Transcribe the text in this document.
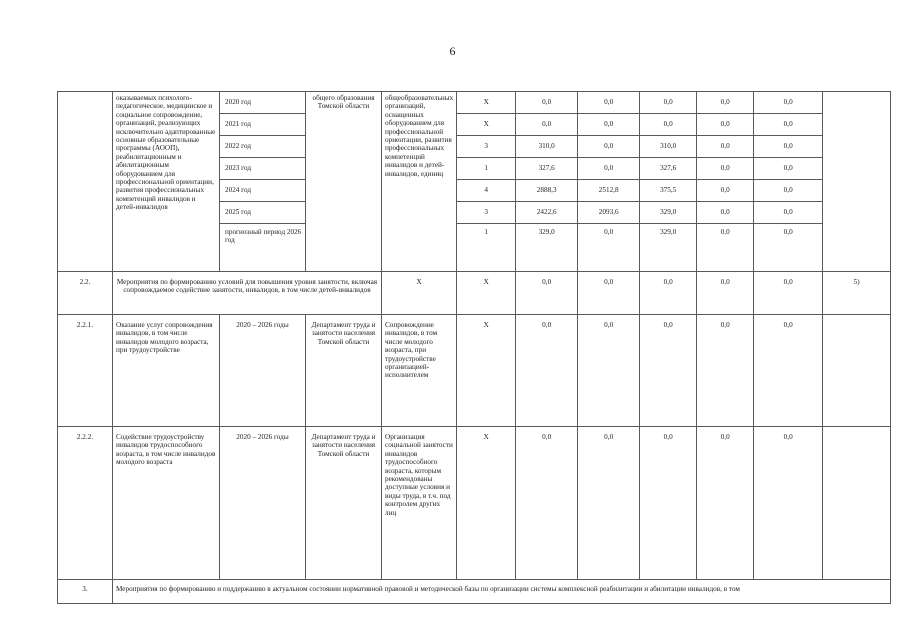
6
	оказываемых психолого-педагогическое, медицинское и социальное сопровождение, организаций, реализующих исключительно адаптированные основные образовательные программы (АООП), реабилитационным и абилитационным оборудованием для профессиональной ориентации, развития профессиональных компетенций инвалидов и детей-инвалидов	2020 год	общего образования Томской области	общеобразовательных организаций, оснащенных оборудованием для профессиональной ориентации, развития профессиональных компетенций инвалидов и детей-инвалидов, единиц	X	0,0	0,0	0,0	0,0	0,0	
		2021 год			X	0,0	0,0	0,0	0,0	0,0	
		2022 год			3	310,0	0,0	310,0	0,0	0,0	
		2023 год			1	327,6	0,0	327,6	0,0	0,0	
		2024 год			4	2888,3	2512,8	375,5	0,0	0,0	
		2025 год			3	2422,6	2093,6	329,0	0,0	0,0	
		прогнозный период 2026 год			1	329,0	0,0	329,0	0,0	0,0	
2.2.	Мероприятия по формированию условий для повышения уровня занятости, включая сопровождаемое содействие занятости, инвалидов, в том числе детей-инвалидов			X	X	0,0	0,0	0,0	0,0	0,0	5)
2.2.1.	Оказание услуг сопровождения инвалидов, в том числе инвалидов молодого возраста, при трудоустройстве	2020 – 2026 годы	Департамент труда и занятости населения Томской области	Сопровождение инвалидов, в том числе молодого возраста, при трудоустройстве организацией-исполнителем	X	0,0	0,0	0,0	0,0	0,0	
2.2.2.	Содействие трудоустройству инвалидов трудоспособного возраста, в том числе инвалидов молодого возраста	2020 – 2026 годы	Департамент труда и занятости населения Томской области	Организация социальной занятости инвалидов трудоспособного возраста, которым рекомендованы доступные условия и виды труда, в т.ч. под контролем других лиц	X	0,0	0,0	0,0	0,0	0,0	
3.	Мероприятия по формированию и поддержанию в актуальном состоянии нормативной правовой и методической базы по организации системы комплексной реабилитации и абилитации инвалидов, в том										
